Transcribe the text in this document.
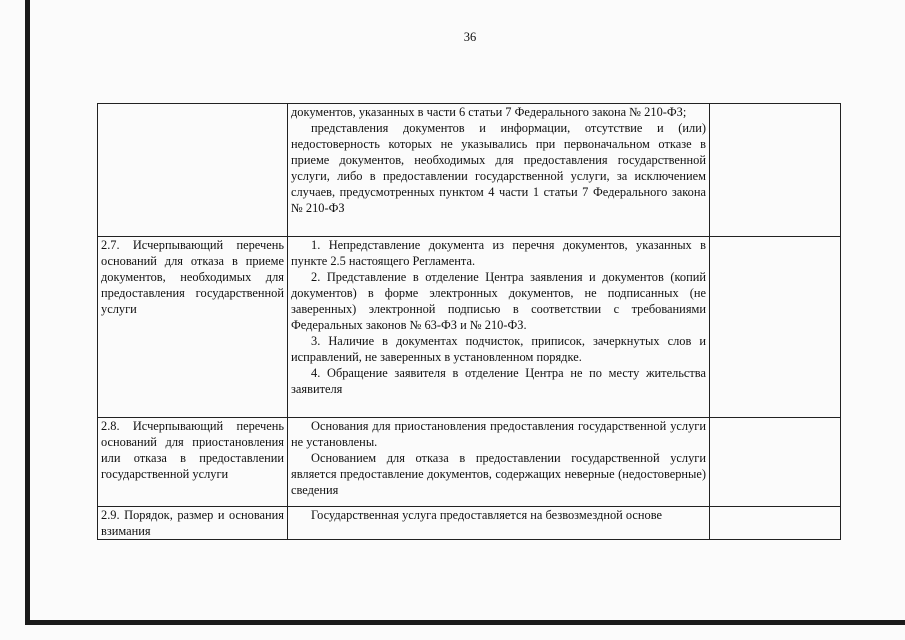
36

	документов, указанных в части 6 статьи 7 Федерального закона № 210-ФЗ;

представления документов и информации, отсутствие и (или) недостоверность которых не указывались при первоначальном отказе в приеме документов, необходимых для предоставления государственной услуги, либо в предоставлении государственной услуги, за исключением случаев, предусмотренных пунктом 4 части 1 статьи 7 Федерального закона № 210-ФЗ	

2.7. Исчерпывающий перечень оснований для отказа в приеме документов, необходимых для предоставления государственной услуги	1. Непредставление документа из перечня документов, указанных в пункте 2.5 настоящего Регламента.

2. Представление в отделение Центра заявления и документов (копий документов) в форме электронных документов, не подписанных (не заверенных) электронной подписью в соответствии с требованиями Федеральных законов № 63-ФЗ и № 210-ФЗ.

3. Наличие в документах подчисток, приписок, зачеркнутых слов и исправлений, не заверенных в установленном порядке.

4. Обращение заявителя в отделение Центра не по месту жительства заявителя	

2.8. Исчерпывающий перечень оснований для приостановления или отказа в предоставлении государственной услуги	Основания для приостановления предоставления государственной услуги не установлены.

Основанием для отказа в предоставлении государственной услуги является предоставление документов, содержащих неверные (недостоверные) сведения	

2.9. Порядок, размер и основания взимания	Государственная услуга предоставляется на безвозмездной основе	
